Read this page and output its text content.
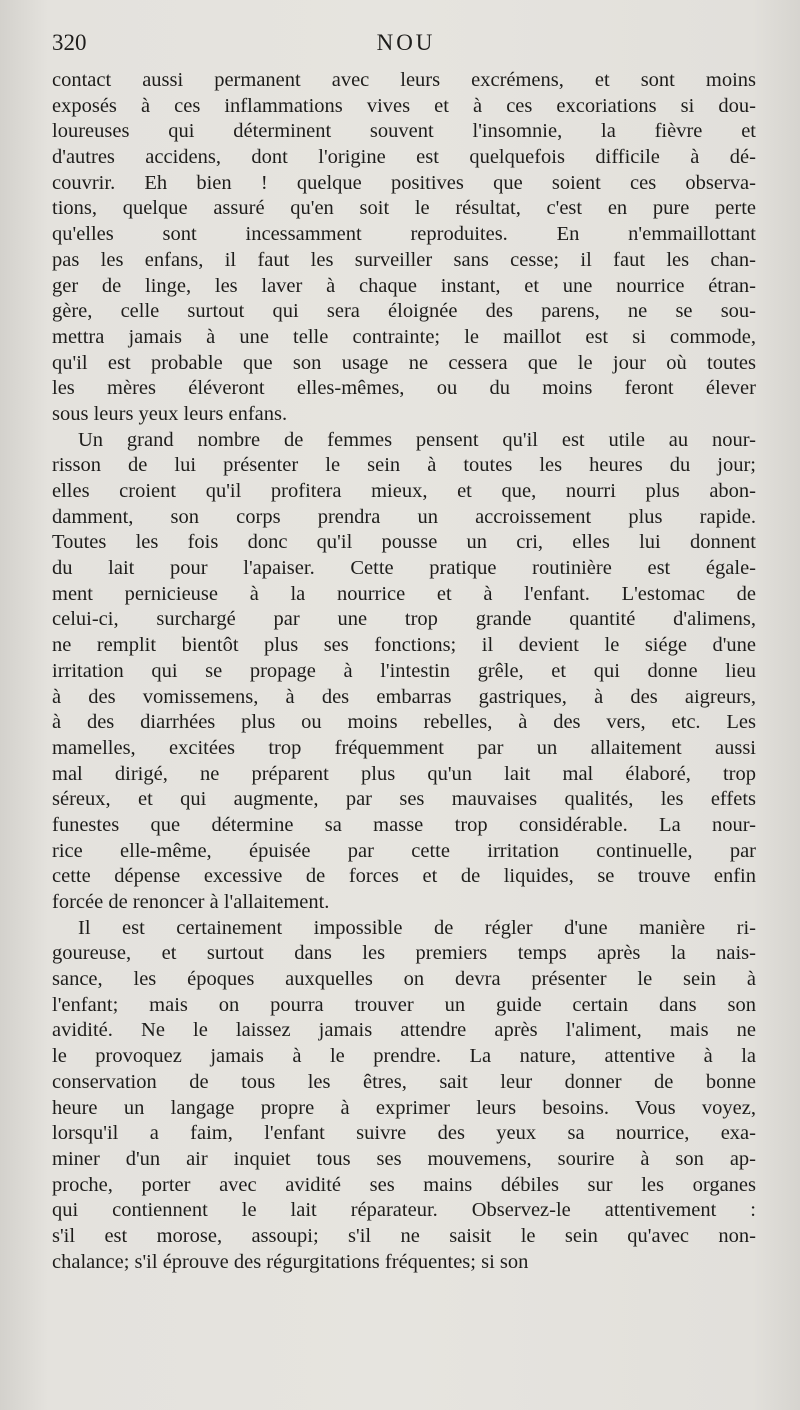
320	NOU
contact aussi permanent avec leurs excrémens, et sont moins
exposés à ces inflammations vives et à ces excoriations si dou-
loureuses qui déterminent souvent l'insomnie, la fièvre et
d'autres accidens, dont l'origine est quelquefois difficile à dé-
couvrir. Eh bien ! quelque positives que soient ces observa-
tions, quelque assuré qu'en soit le résultat, c'est en pure perte
qu'elles sont incessamment reproduites. En n'emmaillottant
pas les enfans, il faut les surveiller sans cesse; il faut les chan-
ger de linge, les laver à chaque instant, et une nourrice étran-
gère, celle surtout qui sera éloignée des parens, ne se sou-
mettra jamais à une telle contrainte; le maillot est si commode,
qu'il est probable que son usage ne cessera que le jour où toutes
les mères éléveront elles-mêmes, ou du moins feront élever
sous leurs yeux leurs enfans.
Un grand nombre de femmes pensent qu'il est utile au nour-
risson de lui présenter le sein à toutes les heures du jour;
elles croient qu'il profitera mieux, et que, nourri plus abon-
damment, son corps prendra un accroissement plus rapide.
Toutes les fois donc qu'il pousse un cri, elles lui donnent
du lait pour l'apaiser. Cette pratique routinière est égale-
ment pernicieuse à la nourrice et à l'enfant. L'estomac de
celui-ci, surchargé par une trop grande quantité d'alimens,
ne remplit bientôt plus ses fonctions; il devient le siége d'une
irritation qui se propage à l'intestin grêle, et qui donne lieu
à des vomissemens, à des embarras gastriques, à des aigreurs,
à des diarrhées plus ou moins rebelles, à des vers, etc. Les
mamelles, excitées trop fréquemment par un allaitement aussi
mal dirigé, ne préparent plus qu'un lait mal élaboré, trop
séreux, et qui augmente, par ses mauvaises qualités, les effets
funestes que détermine sa masse trop considérable. La nour-
rice elle-même, épuisée par cette irritation continuelle, par
cette dépense excessive de forces et de liquides, se trouve enfin
forcée de renoncer à l'allaitement.
Il est certainement impossible de régler d'une manière ri-
goureuse, et surtout dans les premiers temps après la nais-
sance, les époques auxquelles on devra présenter le sein à
l'enfant; mais on pourra trouver un guide certain dans son
avidité. Ne le laissez jamais attendre après l'aliment, mais ne
le provoquez jamais à le prendre. La nature, attentive à la
conservation de tous les êtres, sait leur donner de bonne
heure un langage propre à exprimer leurs besoins. Vous voyez,
lorsqu'il a faim, l'enfant suivre des yeux sa nourrice, exa-
miner d'un air inquiet tous ses mouvemens, sourire à son ap-
proche, porter avec avidité ses mains débiles sur les organes
qui contiennent le lait réparateur. Observez-le attentivement :
s'il est morose, assoupi; s'il ne saisit le sein qu'avec non-
chalance; s'il éprouve des régurgitations fréquentes; si son
